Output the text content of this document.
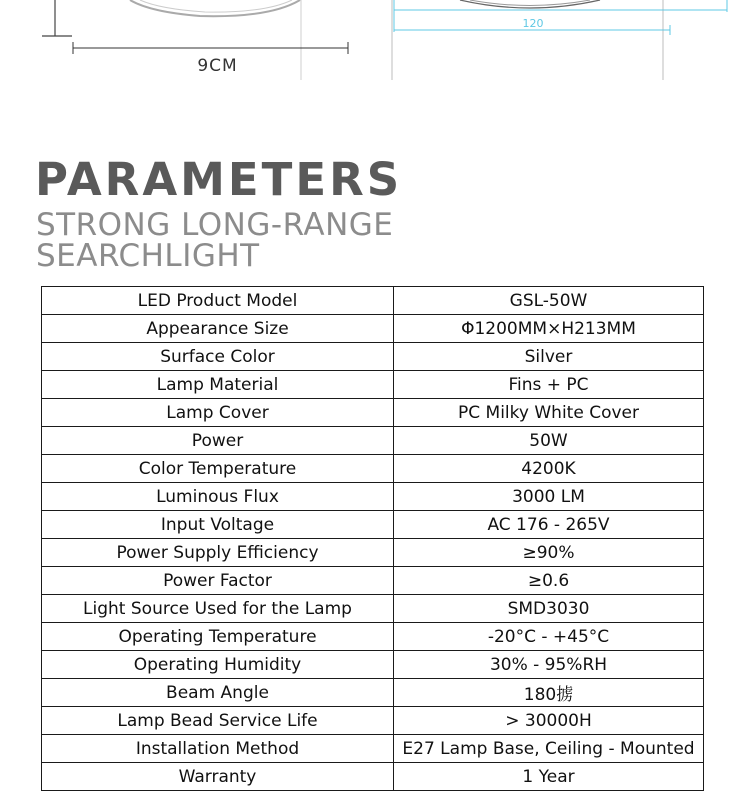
9CM
120
PARAMETERS
STRONG LONG-RANGE SEARCHLIGHT
LED Product Model	GSL-50W
Appearance Size	Φ1200MM×H213MM
Surface Color	Silver
Lamp Material	Fins + PC
Lamp Cover	PC Milky White Cover
Power	50W
Color Temperature	4200K
Luminous Flux	3000 LM
Input Voltage	AC 176 - 265V
Power Supply Efficiency	≥90%
Power Factor	≥0.6
Light Source Used for the Lamp	SMD3030
Operating Temperature	-20°C - +45°C
Operating Humidity	30% - 95%RH
Beam Angle	180掳
Lamp Bead Service Life	> 30000H
Installation Method	E27 Lamp Base, Ceiling - Mounted
Warranty	1 Year
